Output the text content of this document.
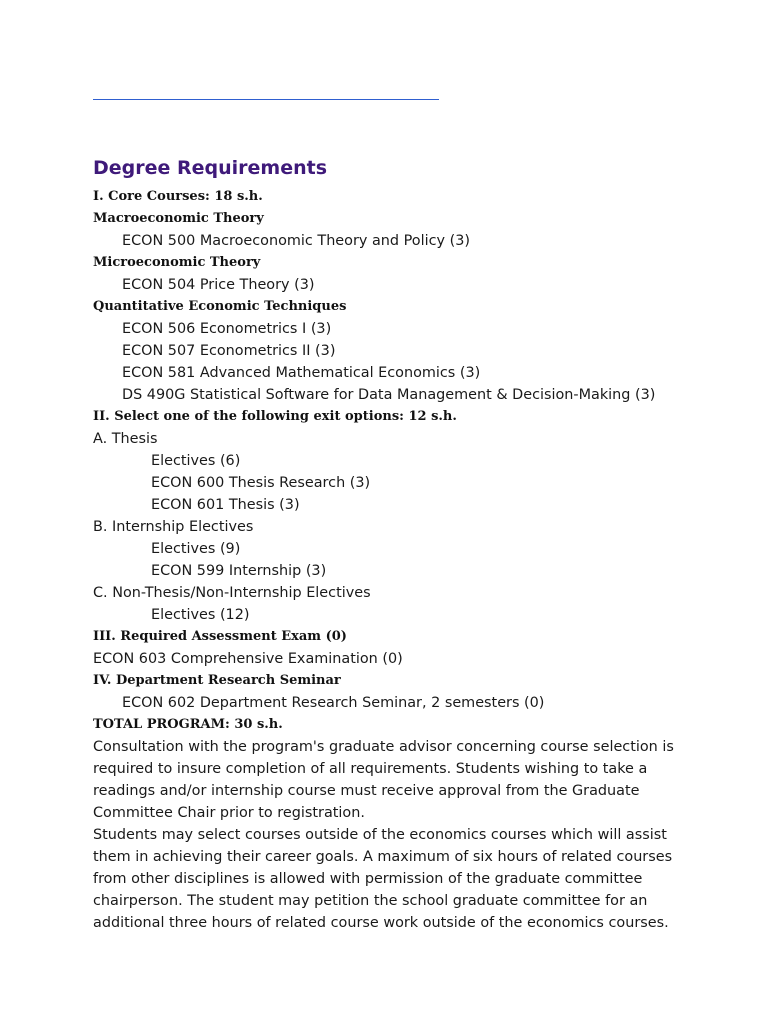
Degree Requirements

I. Core Courses: 18 s.h.

Macroeconomic Theory

ECON 500 Macroeconomic Theory and Policy (3)

Microeconomic Theory

ECON 504 Price Theory (3)

Quantitative Economic Techniques

ECON 506 Econometrics I (3)

ECON 507 Econometrics II (3)

ECON 581 Advanced Mathematical Economics (3)

DS 490G Statistical Software for Data Management & Decision-Making (3)

II. Select one of the following exit options: 12 s.h.

A. Thesis

Electives (6)

ECON 600 Thesis Research (3)

ECON 601 Thesis (3)

B. Internship Electives

Electives (9)

ECON 599 Internship (3)

C. Non-Thesis/Non-Internship Electives

Electives (12)

III. Required Assessment Exam (0)

ECON 603 Comprehensive Examination (0)

IV. Department Research Seminar

ECON 602 Department Research Seminar, 2 semesters (0)

TOTAL PROGRAM: 30 s.h.

Consultation with the program's graduate advisor concerning course selection is required to insure completion of all requirements. Students wishing to take a readings and/or internship course must receive approval from the Graduate Committee Chair prior to registration.

Students may select courses outside of the economics courses which will assist them in achieving their career goals. A maximum of six hours of related courses from other disciplines is allowed with permission of the graduate committee chairperson. The student may petition the school graduate committee for an additional three hours of related course work outside of the economics courses.
